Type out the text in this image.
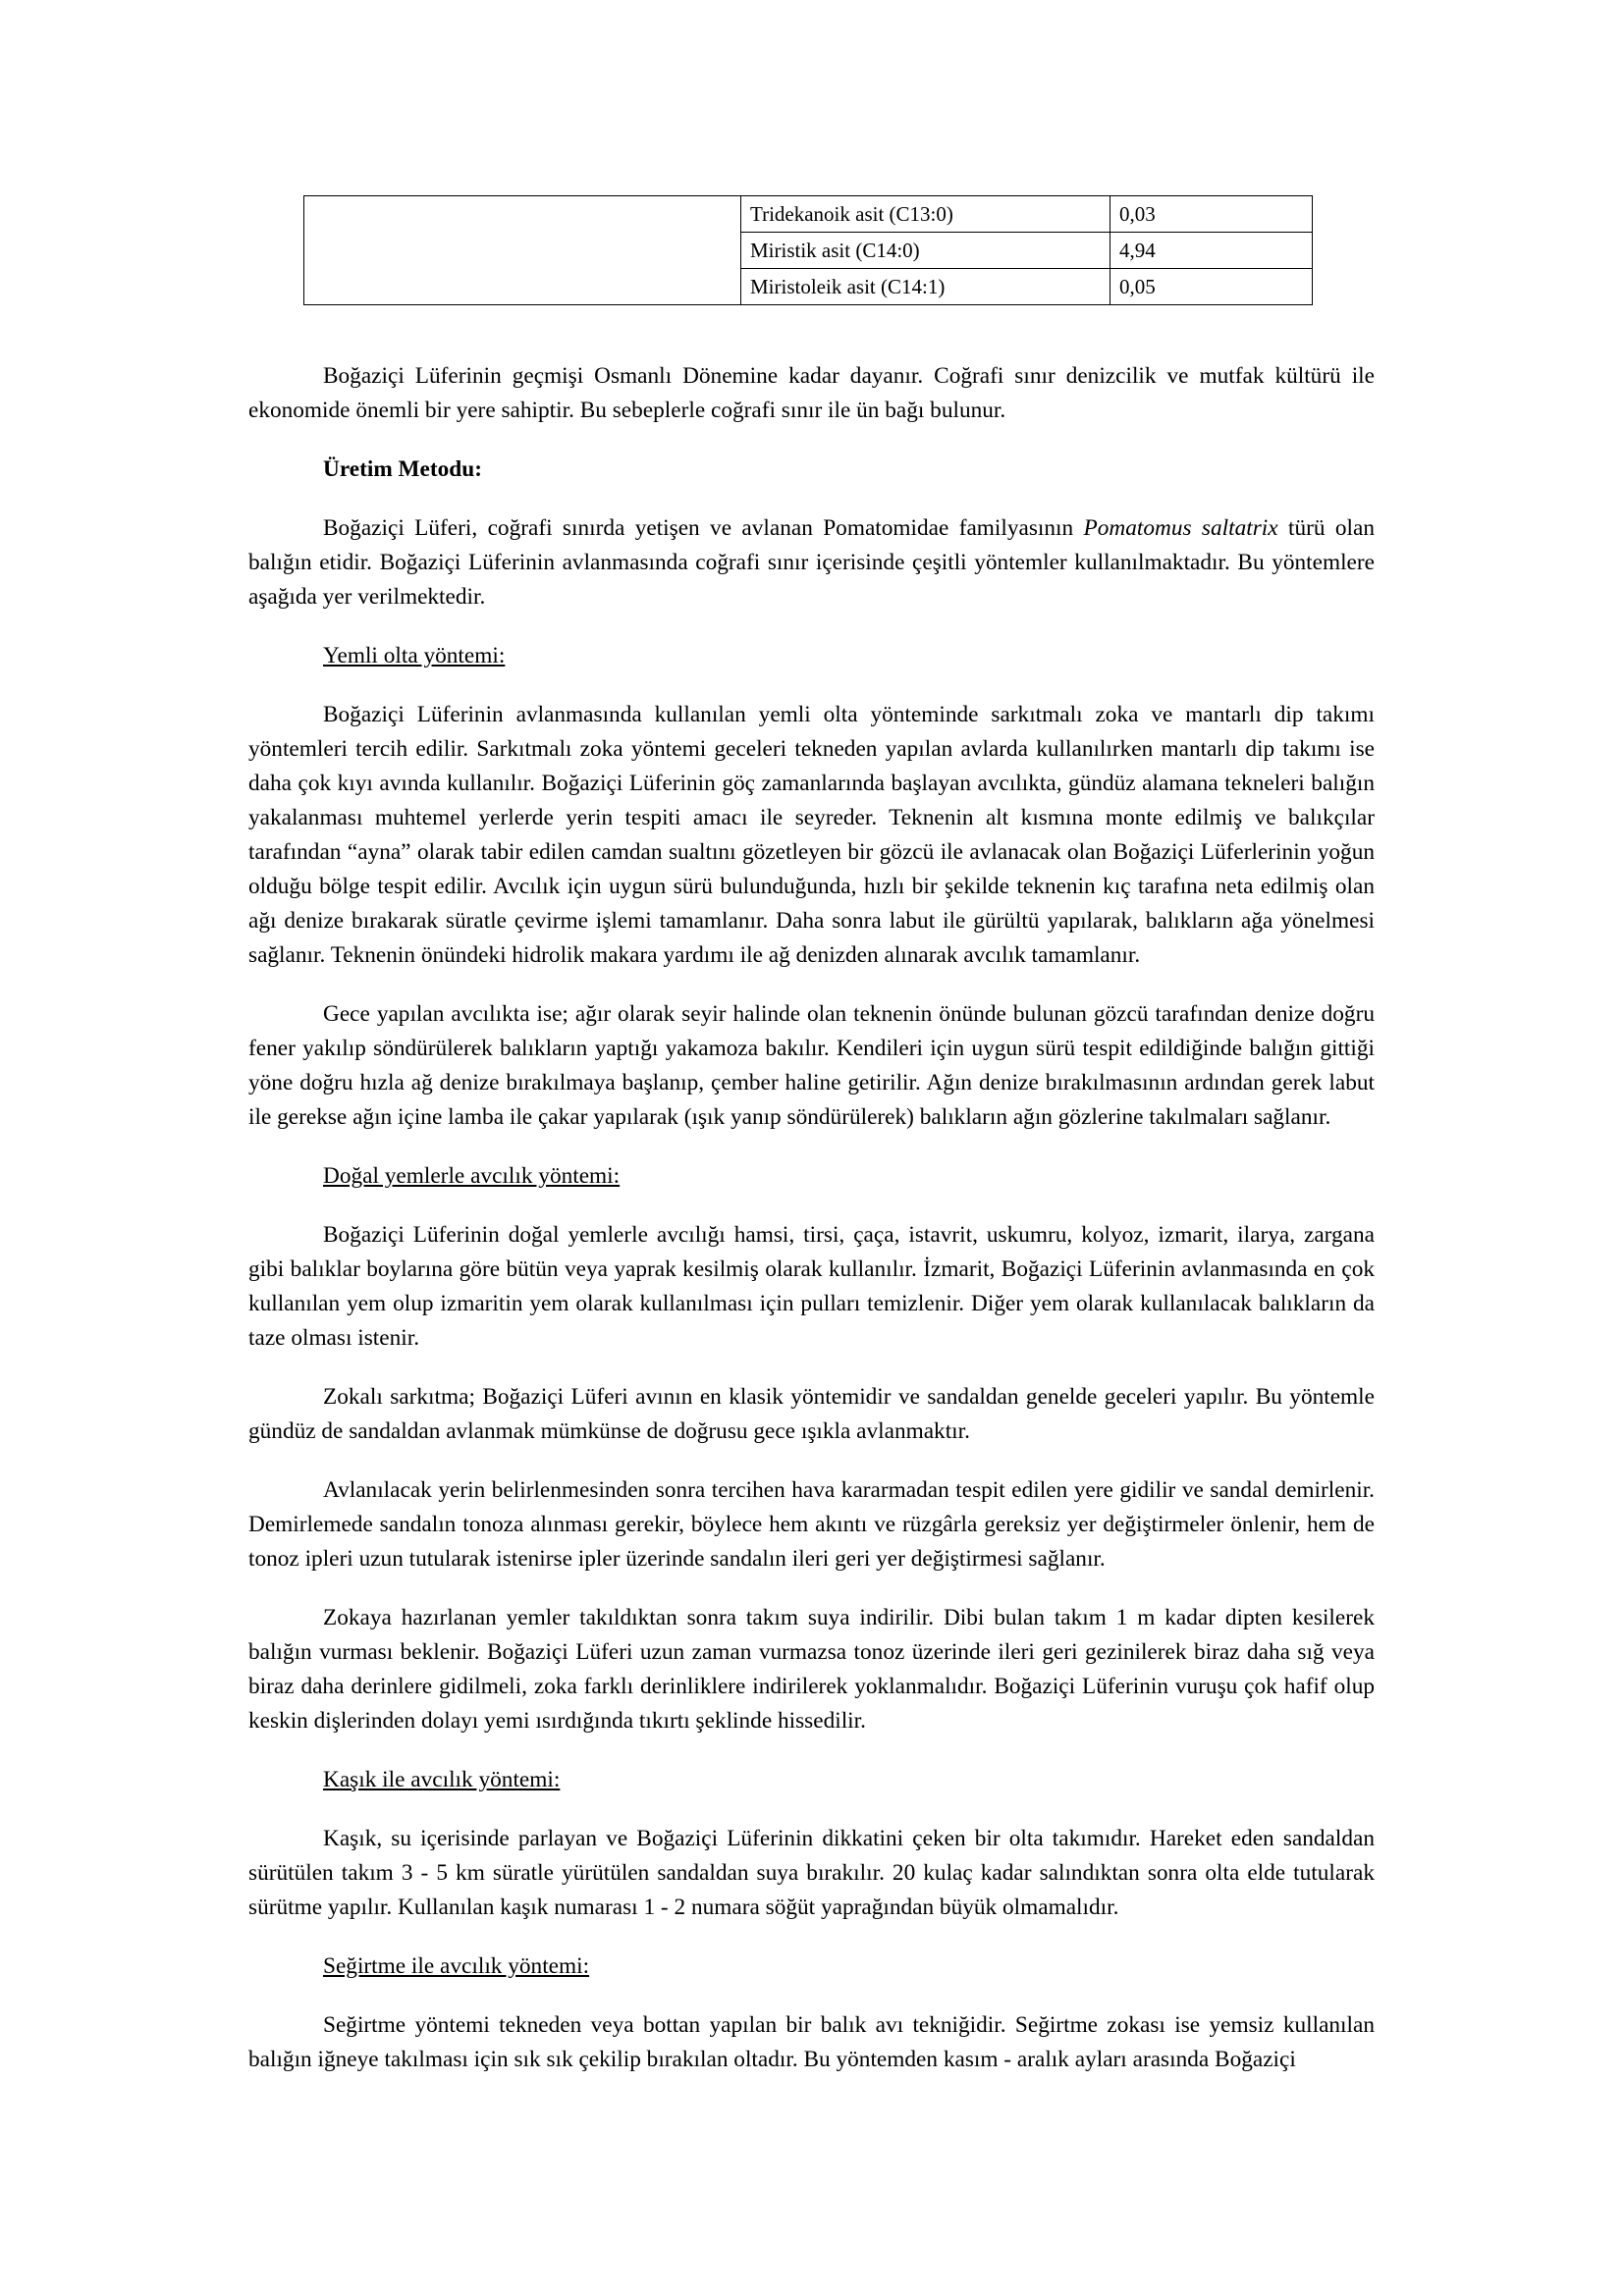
	Tridekanoik asit (C13:0)	0,03
	Miristik asit (C14:0)	4,94
	Miristoleik asit (C14:1)	0,05

Boğaziçi Lüferinin geçmişi Osmanlı Dönemine kadar dayanır. Coğrafi sınır denizcilik ve mutfak kültürü ile ekonomide önemli bir yere sahiptir. Bu sebeplerle coğrafi sınır ile ün bağı bulunur.

Üretim Metodu:

Boğaziçi Lüferi, coğrafi sınırda yetişen ve avlanan Pomatomidae familyasının Pomatomus saltatrix türü olan balığın etidir. Boğaziçi Lüferinin avlanmasında coğrafi sınır içerisinde çeşitli yöntemler kullanılmaktadır. Bu yöntemlere aşağıda yer verilmektedir.

Yemli olta yöntemi:

Boğaziçi Lüferinin avlanmasında kullanılan yemli olta yönteminde sarkıtmalı zoka ve mantarlı dip takımı yöntemleri tercih edilir. Sarkıtmalı zoka yöntemi geceleri tekneden yapılan avlarda kullanılırken mantarlı dip takımı ise daha çok kıyı avında kullanılır. Boğaziçi Lüferinin göç zamanlarında başlayan avcılıkta, gündüz alamana tekneleri balığın yakalanması muhtemel yerlerde yerin tespiti amacı ile seyreder. Teknenin alt kısmına monte edilmiş ve balıkçılar tarafından “ayna” olarak tabir edilen camdan sualtını gözetleyen bir gözcü ile avlanacak olan Boğaziçi Lüferlerinin yoğun olduğu bölge tespit edilir. Avcılık için uygun sürü bulunduğunda, hızlı bir şekilde teknenin kıç tarafına neta edilmiş olan ağı denize bırakarak süratle çevirme işlemi tamamlanır. Daha sonra labut ile gürültü yapılarak, balıkların ağa yönelmesi sağlanır. Teknenin önündeki hidrolik makara yardımı ile ağ denizden alınarak avcılık tamamlanır.

Gece yapılan avcılıkta ise; ağır olarak seyir halinde olan teknenin önünde bulunan gözcü tarafından denize doğru fener yakılıp söndürülerek balıkların yaptığı yakamoza bakılır. Kendileri için uygun sürü tespit edildiğinde balığın gittiği yöne doğru hızla ağ denize bırakılmaya başlanıp, çember haline getirilir. Ağın denize bırakılmasının ardından gerek labut ile gerekse ağın içine lamba ile çakar yapılarak (ışık yanıp söndürülerek) balıkların ağın gözlerine takılmaları sağlanır.

Doğal yemlerle avcılık yöntemi:

Boğaziçi Lüferinin doğal yemlerle avcılığı hamsi, tirsi, çaça, istavrit, uskumru, kolyoz, izmarit, ilarya, zargana gibi balıklar boylarına göre bütün veya yaprak kesilmiş olarak kullanılır. İzmarit, Boğaziçi Lüferinin avlanmasında en çok kullanılan yem olup izmaritin yem olarak kullanılması için pulları temizlenir. Diğer yem olarak kullanılacak balıkların da taze olması istenir.

Zokalı sarkıtma; Boğaziçi Lüferi avının en klasik yöntemidir ve sandaldan genelde geceleri yapılır. Bu yöntemle gündüz de sandaldan avlanmak mümkünse de doğrusu gece ışıkla avlanmaktır.

Avlanılacak yerin belirlenmesinden sonra tercihen hava kararmadan tespit edilen yere gidilir ve sandal demirlenir. Demirlemede sandalın tonoza alınması gerekir, böylece hem akıntı ve rüzgârla gereksiz yer değiştirmeler önlenir, hem de tonoz ipleri uzun tutularak istenirse ipler üzerinde sandalın ileri geri yer değiştirmesi sağlanır.

Zokaya hazırlanan yemler takıldıktan sonra takım suya indirilir. Dibi bulan takım 1 m kadar dipten kesilerek balığın vurması beklenir. Boğaziçi Lüferi uzun zaman vurmazsa tonoz üzerinde ileri geri gezinilerek biraz daha sığ veya biraz daha derinlere gidilmeli, zoka farklı derinliklere indirilerek yoklanmalıdır. Boğaziçi Lüferinin vuruşu çok hafif olup keskin dişlerinden dolayı yemi ısırdığında tıkırtı şeklinde hissedilir.

Kaşık ile avcılık yöntemi:

Kaşık, su içerisinde parlayan ve Boğaziçi Lüferinin dikkatini çeken bir olta takımıdır. Hareket eden sandaldan sürütülen takım 3 - 5 km süratle yürütülen sandaldan suya bırakılır. 20 kulaç kadar salındıktan sonra olta elde tutularak sürütme yapılır. Kullanılan kaşık numarası 1 - 2 numara söğüt yaprağından büyük olmamalıdır.

Seğirtme ile avcılık yöntemi:

Seğirtme yöntemi tekneden veya bottan yapılan bir balık avı tekniğidir. Seğirtme zokası ise yemsiz kullanılan balığın iğneye takılması için sık sık çekilip bırakılan oltadır. Bu yöntemden kasım - aralık ayları arasında Boğaziçi
